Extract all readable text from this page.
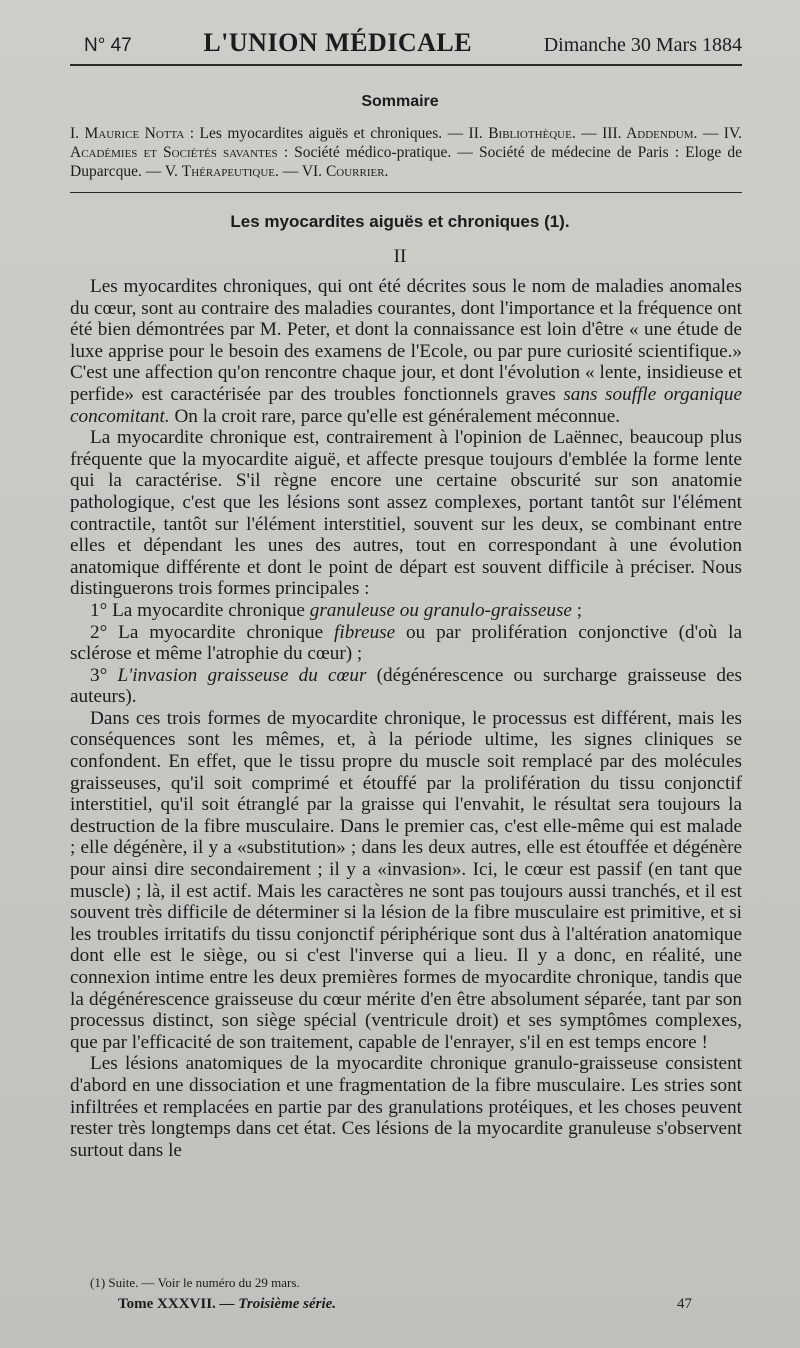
N° 47	L'UNION MÉDICALE	Dimanche 30 Mars 1884
Sommaire
I. Maurice Notta : Les myocardites aiguës et chroniques. — II. Bibliothèque. — III. Addendum. — IV. Académies et Sociétés savantes : Société médico-pratique. — Société de médecine de Paris : Eloge de Duparcque. — V. Thérapeutique. — VI. Courrier.
Les myocardites aiguës et chroniques (1).
II

Les myocardites chroniques, qui ont été décrites sous le nom de maladies anomales du cœur, sont au contraire des maladies courantes, dont l'importance et la fréquence ont été bien démontrées par M. Peter, et dont la connaissance est loin d'être « une étude de luxe apprise pour le besoin des examens de l'Ecole, ou par pure curiosité scientifique.» C'est une affection qu'on rencontre chaque jour, et dont l'évolution « lente, insidieuse et perfide» est caractérisée par des troubles fonctionnels graves sans souffle organique concomitant. On la croit rare, parce qu'elle est généralement méconnue.

La myocardite chronique est, contrairement à l'opinion de Laënnec, beaucoup plus fréquente que la myocardite aiguë, et affecte presque toujours d'emblée la forme lente qui la caractérise. S'il règne encore une certaine obscurité sur son anatomie pathologique, c'est que les lésions sont assez complexes, portant tantôt sur l'élément contractile, tantôt sur l'élément interstitiel, souvent sur les deux, se combinant entre elles et dépendant les unes des autres, tout en correspondant à une évolution anatomique différente et dont le point de départ est souvent difficile à préciser. Nous distinguerons trois formes principales :

1° La myocardite chronique granuleuse ou granulo-graisseuse ;

2° La myocardite chronique fibreuse ou par prolifération conjonctive (d'où la sclérose et même l'atrophie du cœur) ;

3° L'invasion graisseuse du cœur (dégénérescence ou surcharge graisseuse des auteurs).

Dans ces trois formes de myocardite chronique, le processus est différent, mais les conséquences sont les mêmes, et, à la période ultime, les signes cliniques se confondent. En effet, que le tissu propre du muscle soit remplacé par des molécules graisseuses, qu'il soit comprimé et étouffé par la prolifération du tissu conjonctif interstitiel, qu'il soit étranglé par la graisse qui l'envahit, le résultat sera toujours la destruction de la fibre musculaire. Dans le premier cas, c'est elle-même qui est malade ; elle dégénère, il y a «substitution» ; dans les deux autres, elle est étouffée et dégénère pour ainsi dire secondairement ; il y a «invasion». Ici, le cœur est passif (en tant que muscle) ; là, il est actif. Mais les caractères ne sont pas toujours aussi tranchés, et il est souvent très difficile de déterminer si la lésion de la fibre musculaire est primitive, et si les troubles irritatifs du tissu conjonctif périphérique sont dus à l'altération anatomique dont elle est le siège, ou si c'est l'inverse qui a lieu. Il y a donc, en réalité, une connexion intime entre les deux premières formes de myocardite chronique, tandis que la dégénérescence graisseuse du cœur mérite d'en être absolument séparée, tant par son processus distinct, son siège spécial (ventricule droit) et ses symptômes complexes, que par l'efficacité de son traitement, capable de l'enrayer, s'il en est temps encore !

Les lésions anatomiques de la myocardite chronique granulo-graisseuse consistent d'abord en une dissociation et une fragmentation de la fibre musculaire. Les stries sont infiltrées et remplacées en partie par des granulations protéiques, et les choses peuvent rester très longtemps dans cet état. Ces lésions de la myocardite granuleuse s'observent surtout dans le

(1) Suite. — Voir le numéro du 29 mars.
Tome XXXVII. — Troisième série.	47
